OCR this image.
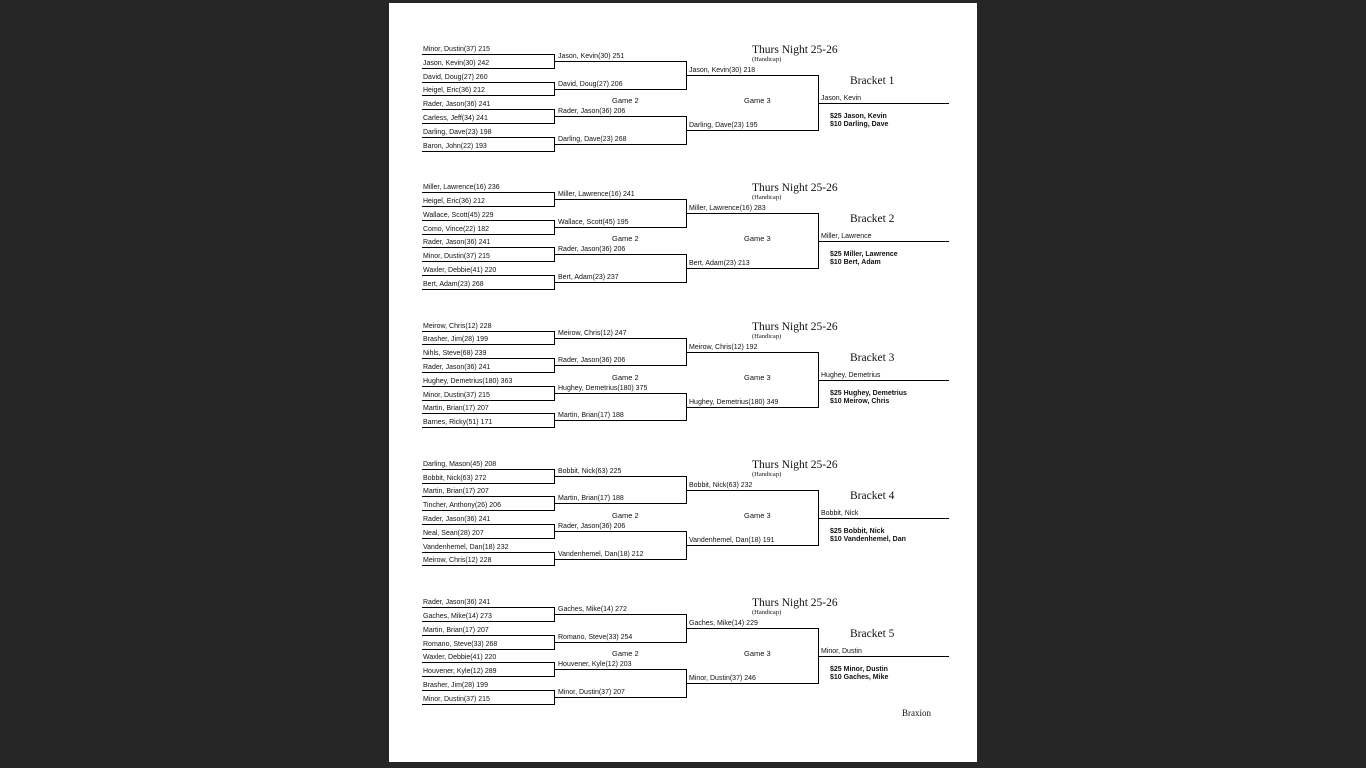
Minor, Dustin(37) 215
Jason, Kevin(30) 242
David, Doug(27) 260
Heigel, Eric(36) 212
Rader, Jason(36) 241
Carless, Jeff(34) 241
Darling, Dave(23) 198
Baron, John(22) 193
Jason, Kevin(30) 251
David, Doug(27) 206
Rader, Jason(36) 206
Darling, Dave(23) 268
Jason, Kevin(30) 218
Darling, Dave(23) 195
Jason, Kevin
Game 2	Game 3
Thurs Night 25-26
(Handicap)
Bracket 1
$25 Jason, Kevin
$10 Darling, Dave
Miller, Lawrence(16) 236
Heigel, Eric(36) 212
Wallace, Scott(45) 229
Como, Vince(22) 182
Rader, Jason(36) 241
Minor, Dustin(37) 215
Waxler, Debbie(41) 220
Bert, Adam(23) 268
Miller, Lawrence(16) 241
Wallace, Scott(45) 195
Rader, Jason(36) 206
Bert, Adam(23) 237
Miller, Lawrence(16) 283
Bert, Adam(23) 213
Miller, Lawrence
Game 2	Game 3
Thurs Night 25-26
(Handicap)
Bracket 2
$25 Miller, Lawrence
$10 Bert, Adam
Meirow, Chris(12) 228
Brasher, Jim(28) 199
Nihls, Steve(68) 239
Rader, Jason(36) 241
Hughey, Demetrius(180) 363
Minor, Dustin(37) 215
Martin, Brian(17) 207
Barnes, Ricky(51) 171
Meirow, Chris(12) 247
Rader, Jason(36) 206
Hughey, Demetrius(180) 375
Martin, Brian(17) 188
Meirow, Chris(12) 192
Hughey, Demetrius(180) 349
Hughey, Demetrius
Game 2	Game 3
Thurs Night 25-26
(Handicap)
Bracket 3
$25 Hughey, Demetrius
$10 Meirow, Chris
Darling, Mason(45) 208
Bobbit, Nick(63) 272
Martin, Brian(17) 207
Tincher, Anthony(26) 206
Rader, Jason(36) 241
Neal, Sean(28) 207
Vandenhemel, Dan(18) 232
Meirow, Chris(12) 228
Bobbit, Nick(63) 225
Martin, Brian(17) 188
Rader, Jason(36) 206
Vandenhemel, Dan(18) 212
Bobbit, Nick(63) 232
Vandenhemel, Dan(18) 191
Bobbit, Nick
Game 2	Game 3
Thurs Night 25-26
(Handicap)
Bracket 4
$25 Bobbit, Nick
$10 Vandenhemel, Dan
Rader, Jason(36) 241
Gaches, Mike(14) 273
Martin, Brian(17) 207
Romano, Steve(33) 268
Waxler, Debbie(41) 220
Houvener, Kyle(12) 289
Brasher, Jim(28) 199
Minor, Dustin(37) 215
Gaches, Mike(14) 272
Romano, Steve(33) 254
Houvener, Kyle(12) 203
Minor, Dustin(37) 207
Gaches, Mike(14) 229
Minor, Dustin(37) 246
Minor, Dustin
Game 2	Game 3
Thurs Night 25-26
(Handicap)
Bracket 5
$25 Minor, Dustin
$10 Gaches, Mike
Braxion
